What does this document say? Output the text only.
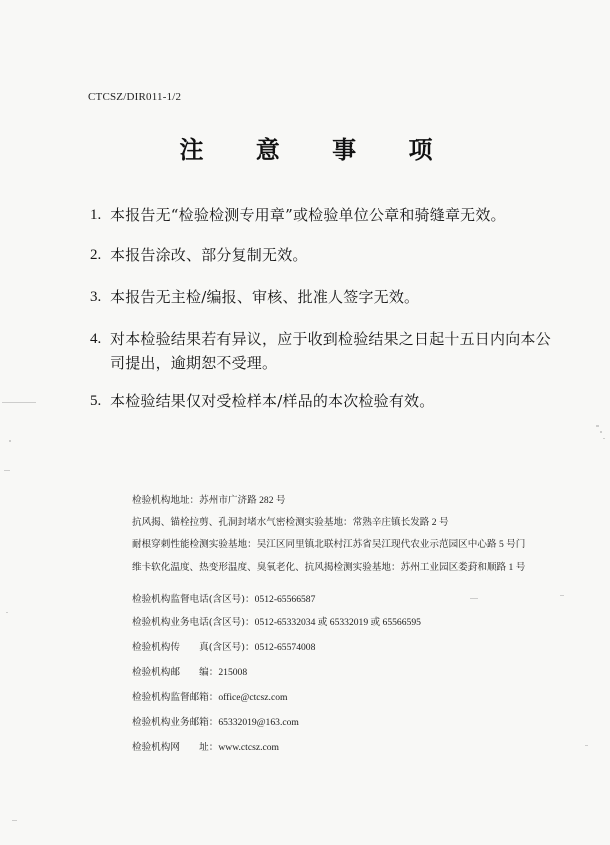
CTCSZ/DIR011-1/2
注 意 事 项
1. 本报告无“检验检测专用章”或检验单位公章和骑缝章无效。
2. 本报告涂改、部分复制无效。
3. 本报告无主检/编报、审核、批准人签字无效。
4. 对本检验结果若有异议，应于收到检验结果之日起十五日内向本公司提出，逾期恕不受理。
5. 本检验结果仅对受检样本/样品的本次检验有效。
检验机构地址：苏州市广济路 282 号
抗风揭、锚栓拉剪、孔洞封堵水气密检测实验基地：常熟辛庄镇长发路 2 号
耐根穿刺性能检测实验基地：吴江区同里镇北联村江苏省吴江现代农业示范园区中心路 5 号门
维卡软化温度、热变形温度、臭氧老化、抗风揭检测实验基地：苏州工业园区娄葑和顺路 1 号
检验机构监督电话(含区号)：0512-65566587
检验机构业务电话(含区号)：0512-65332034 或 65332019 或 65566595
检验机构传　　真(含区号)：0512-65574008
检验机构邮　　编：215008
检验机构监督邮箱：office@ctcsz.com
检验机构业务邮箱：65332019@163.com
检验机构网　　址：www.ctcsz.com
